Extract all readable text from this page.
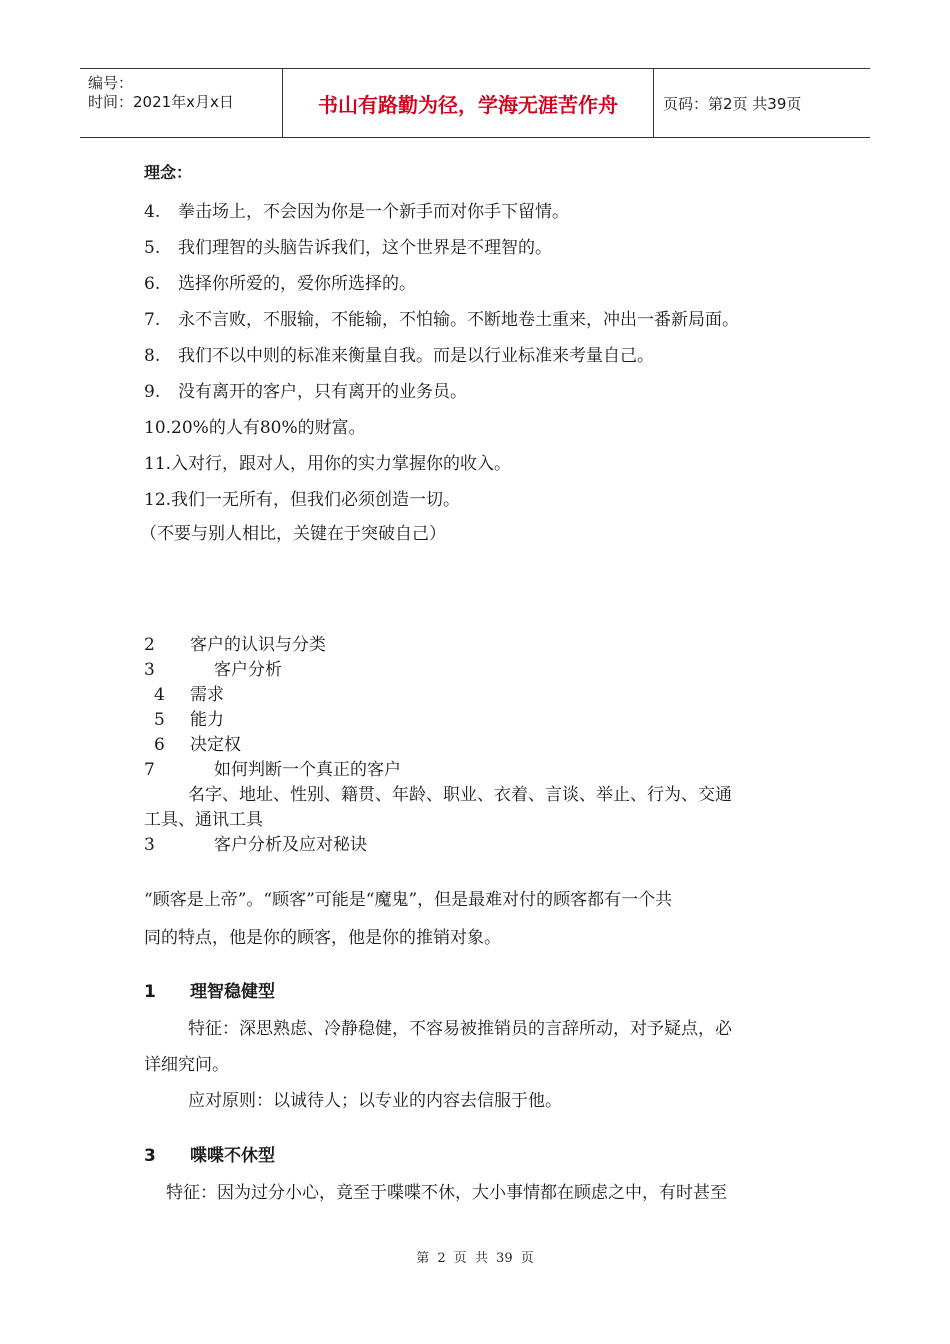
编号：
时间：2021年x月x日	书山有路勤为径，学海无涯苦作舟	页码：第2页 共39页
理念：
4. 拳击场上，不会因为你是一个新手而对你手下留情。
5. 我们理智的头脑告诉我们，这个世界是不理智的。
6. 选择你所爱的，爱你所选择的。
7. 永不言败，不服输，不能输，不怕输。不断地卷土重来，冲出一番新局面。
8. 我们不以中则的标准来衡量自我。而是以行业标准来考量自己。
9. 没有离开的客户，只有离开的业务员。
10.20%的人有80%的财富。
11.入对行，跟对人，用你的实力掌握你的收入。
12.我们一无所有，但我们必须创造一切。
（不要与别人相比，关键在于突破自己）
2 客户的认识与分类
3	客户分析
4 需求
5 能力
6 决定权
7	如何判断一个真正的客户
名字、地址、性别、籍贯、年龄、职业、衣着、言谈、举止、行为、交通
工具、通讯工具
3	客户分析及应对秘诀
“顾客是上帝”。“顾客”可能是“魔鬼”，但是最难对付的顾客都有一个共
同的特点，他是你的顾客，他是你的推销对象。
1 理智稳健型
特征：深思熟虑、冷静稳健，不容易被推销员的言辞所动，对予疑点，必
详细究问。
应对原则：以诚待人；以专业的内容去信服于他。
3 喋喋不休型
特征：因为过分小心，竟至于喋喋不休，大小事情都在顾虑之中，有时甚至
第 2 页 共 39 页
